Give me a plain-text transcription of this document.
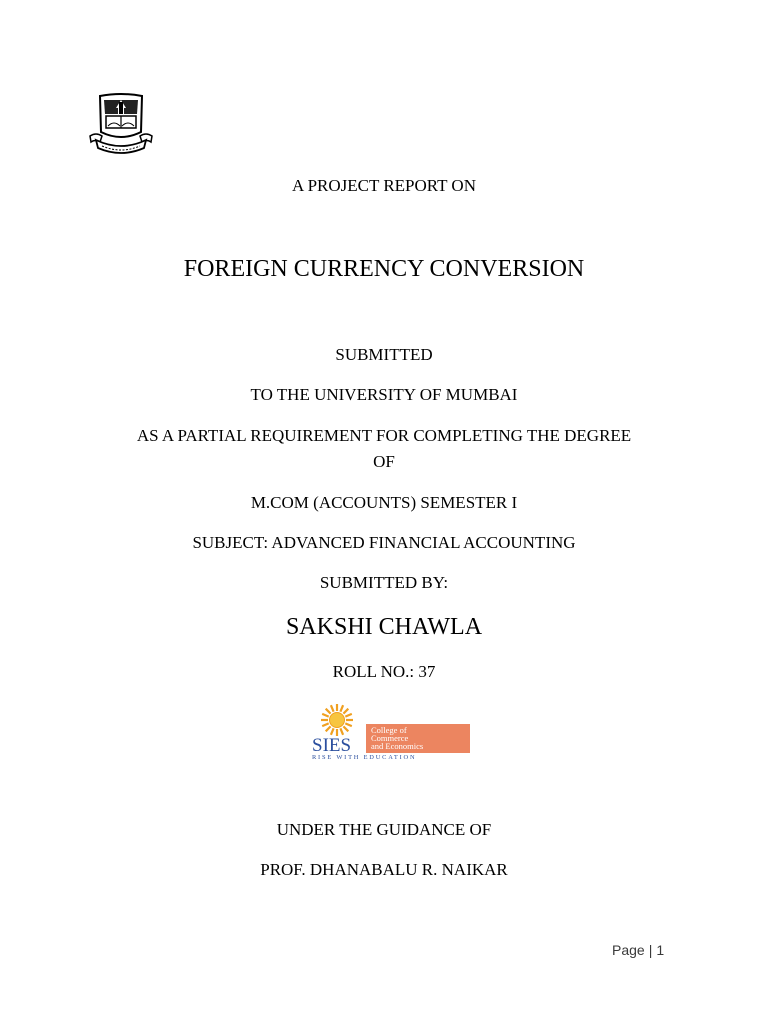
A PROJECT REPORT ON
FOREIGN CURRENCY CONVERSION
SUBMITTED
TO THE UNIVERSITY OF MUMBAI
AS A PARTIAL REQUIREMENT FOR COMPLETING THE DEGREE
OF
M.COM (ACCOUNTS) SEMESTER I
SUBJECT: ADVANCED FINANCIAL ACCOUNTING
SUBMITTED BY:
SAKSHI CHAWLA
ROLL NO.: 37
SIES
College of
Commerce
and Economics
RISE WITH EDUCATION
UNDER THE GUIDANCE OF
PROF. DHANABALU R. NAIKAR
Page | 1
